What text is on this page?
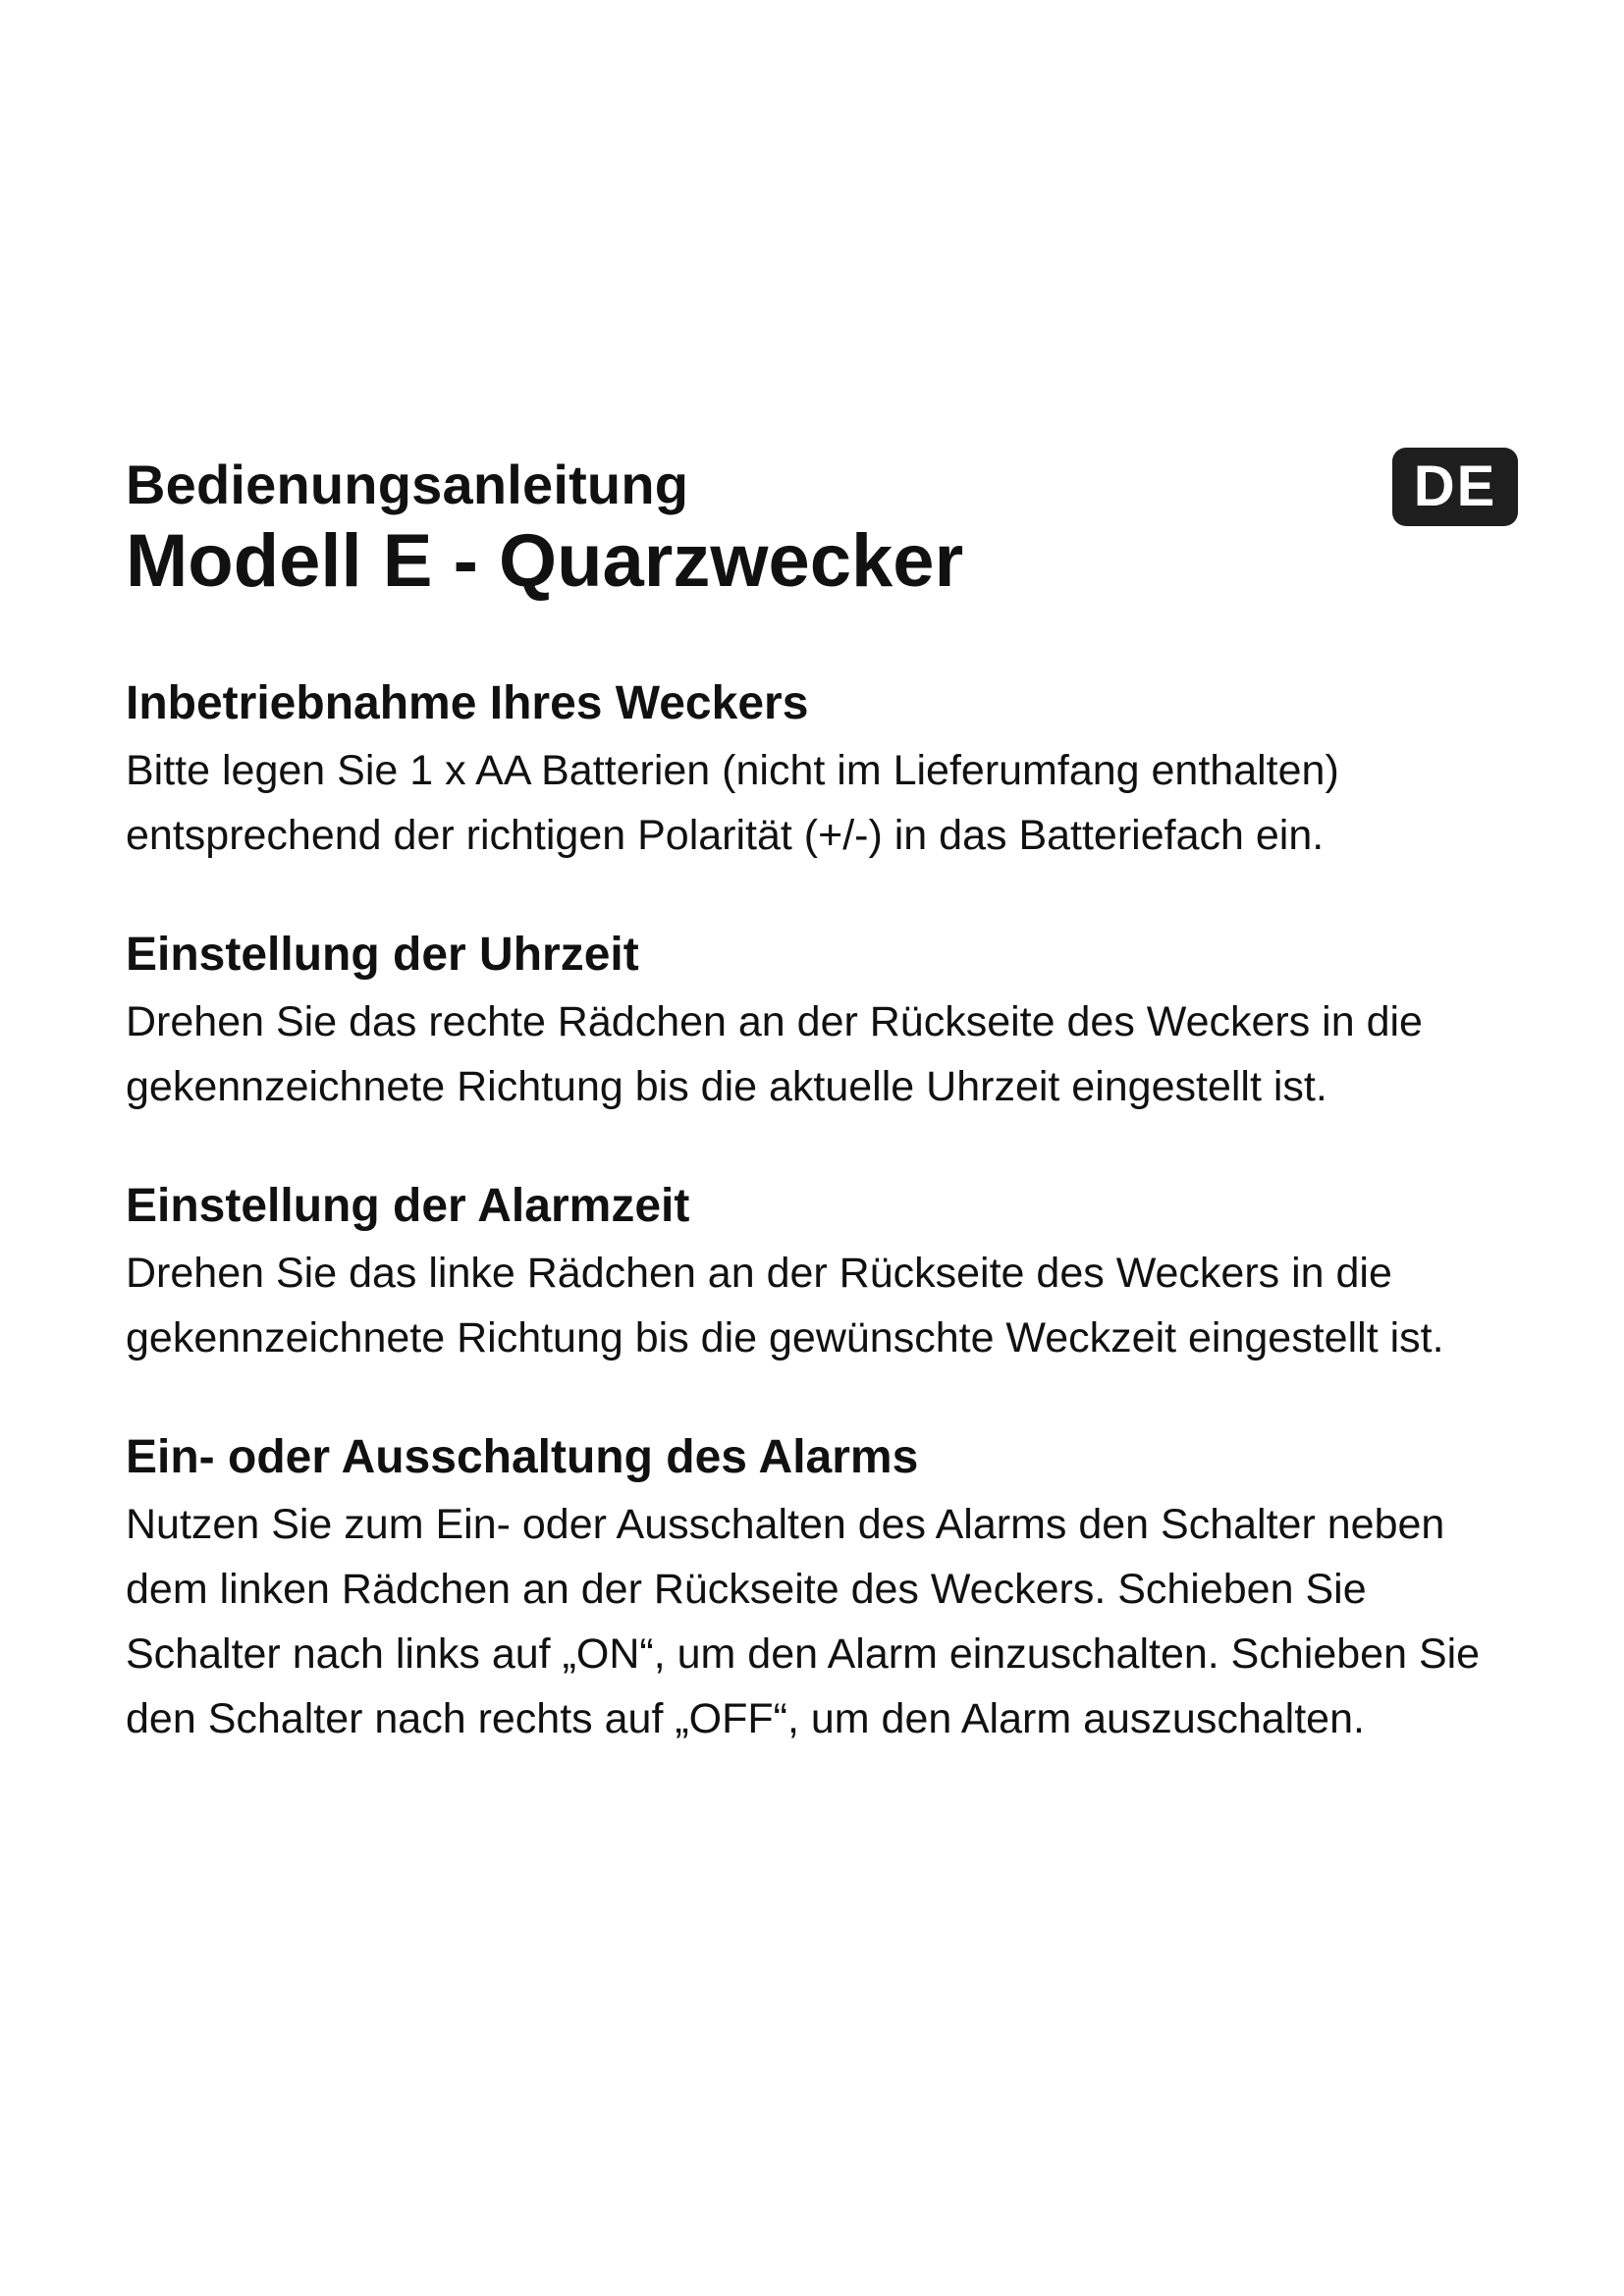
DE
Bedienungsanleitung
Modell E - Quarzwecker
Inbetriebnahme Ihres Weckers

Bitte legen Sie 1 x AA Batterien (nicht im Lieferumfang enthalten) entsprechend der richtigen Polarität (+/-) in das Batteriefach ein.

Einstellung der Uhrzeit

Drehen Sie das rechte Rädchen an der Rückseite des Weckers in die gekennzeichnete Richtung bis die aktuelle Uhrzeit eingestellt ist.

Einstellung der Alarmzeit

Drehen Sie das linke Rädchen an der Rückseite des Weckers in die gekennzeichnete Richtung bis die gewünschte Weckzeit eingestellt ist.

Ein- oder Ausschaltung des Alarms

Nutzen Sie zum Ein- oder Ausschalten des Alarms den Schalter neben dem linken Rädchen an der Rückseite des Weckers. Schieben Sie Schalter nach links auf „ON“, um den Alarm einzuschalten. Schieben Sie den Schalter nach rechts auf „OFF“, um den Alarm auszuschalten.
